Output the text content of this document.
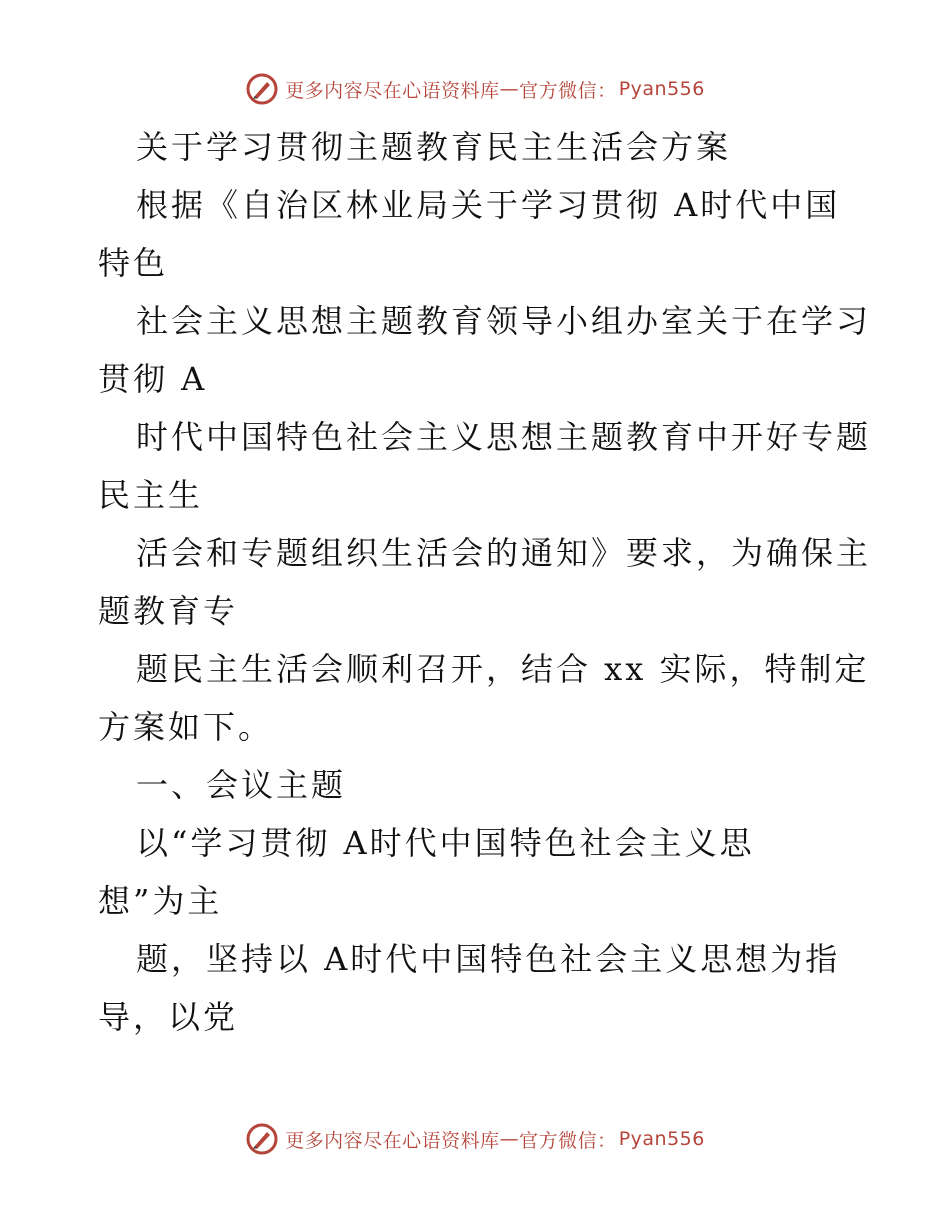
更多内容尽在心语资料库 — 官方微信： Pyan556
关于学习贯彻主题教育民主生活会方案
根据《自治区林业局关于学习贯彻 A时代中国
特色
社会主义思想主题教育领导小组办室关于在学习
贯彻 A
时代中国特色社会主义思想主题教育中开好专题
民主生
活会和专题组织生活会的通知》要求，为确保主
题教育专
题民主生活会顺利召开，结合 xx 实际，特制定
方案如下。
一、会议主题
以“学习贯彻 A时代中国特色社会主义思
想”为主
题，坚持以 A时代中国特色社会主义思想为指
导，以党
更多内容尽在心语资料库 — 官方微信： Pyan556
